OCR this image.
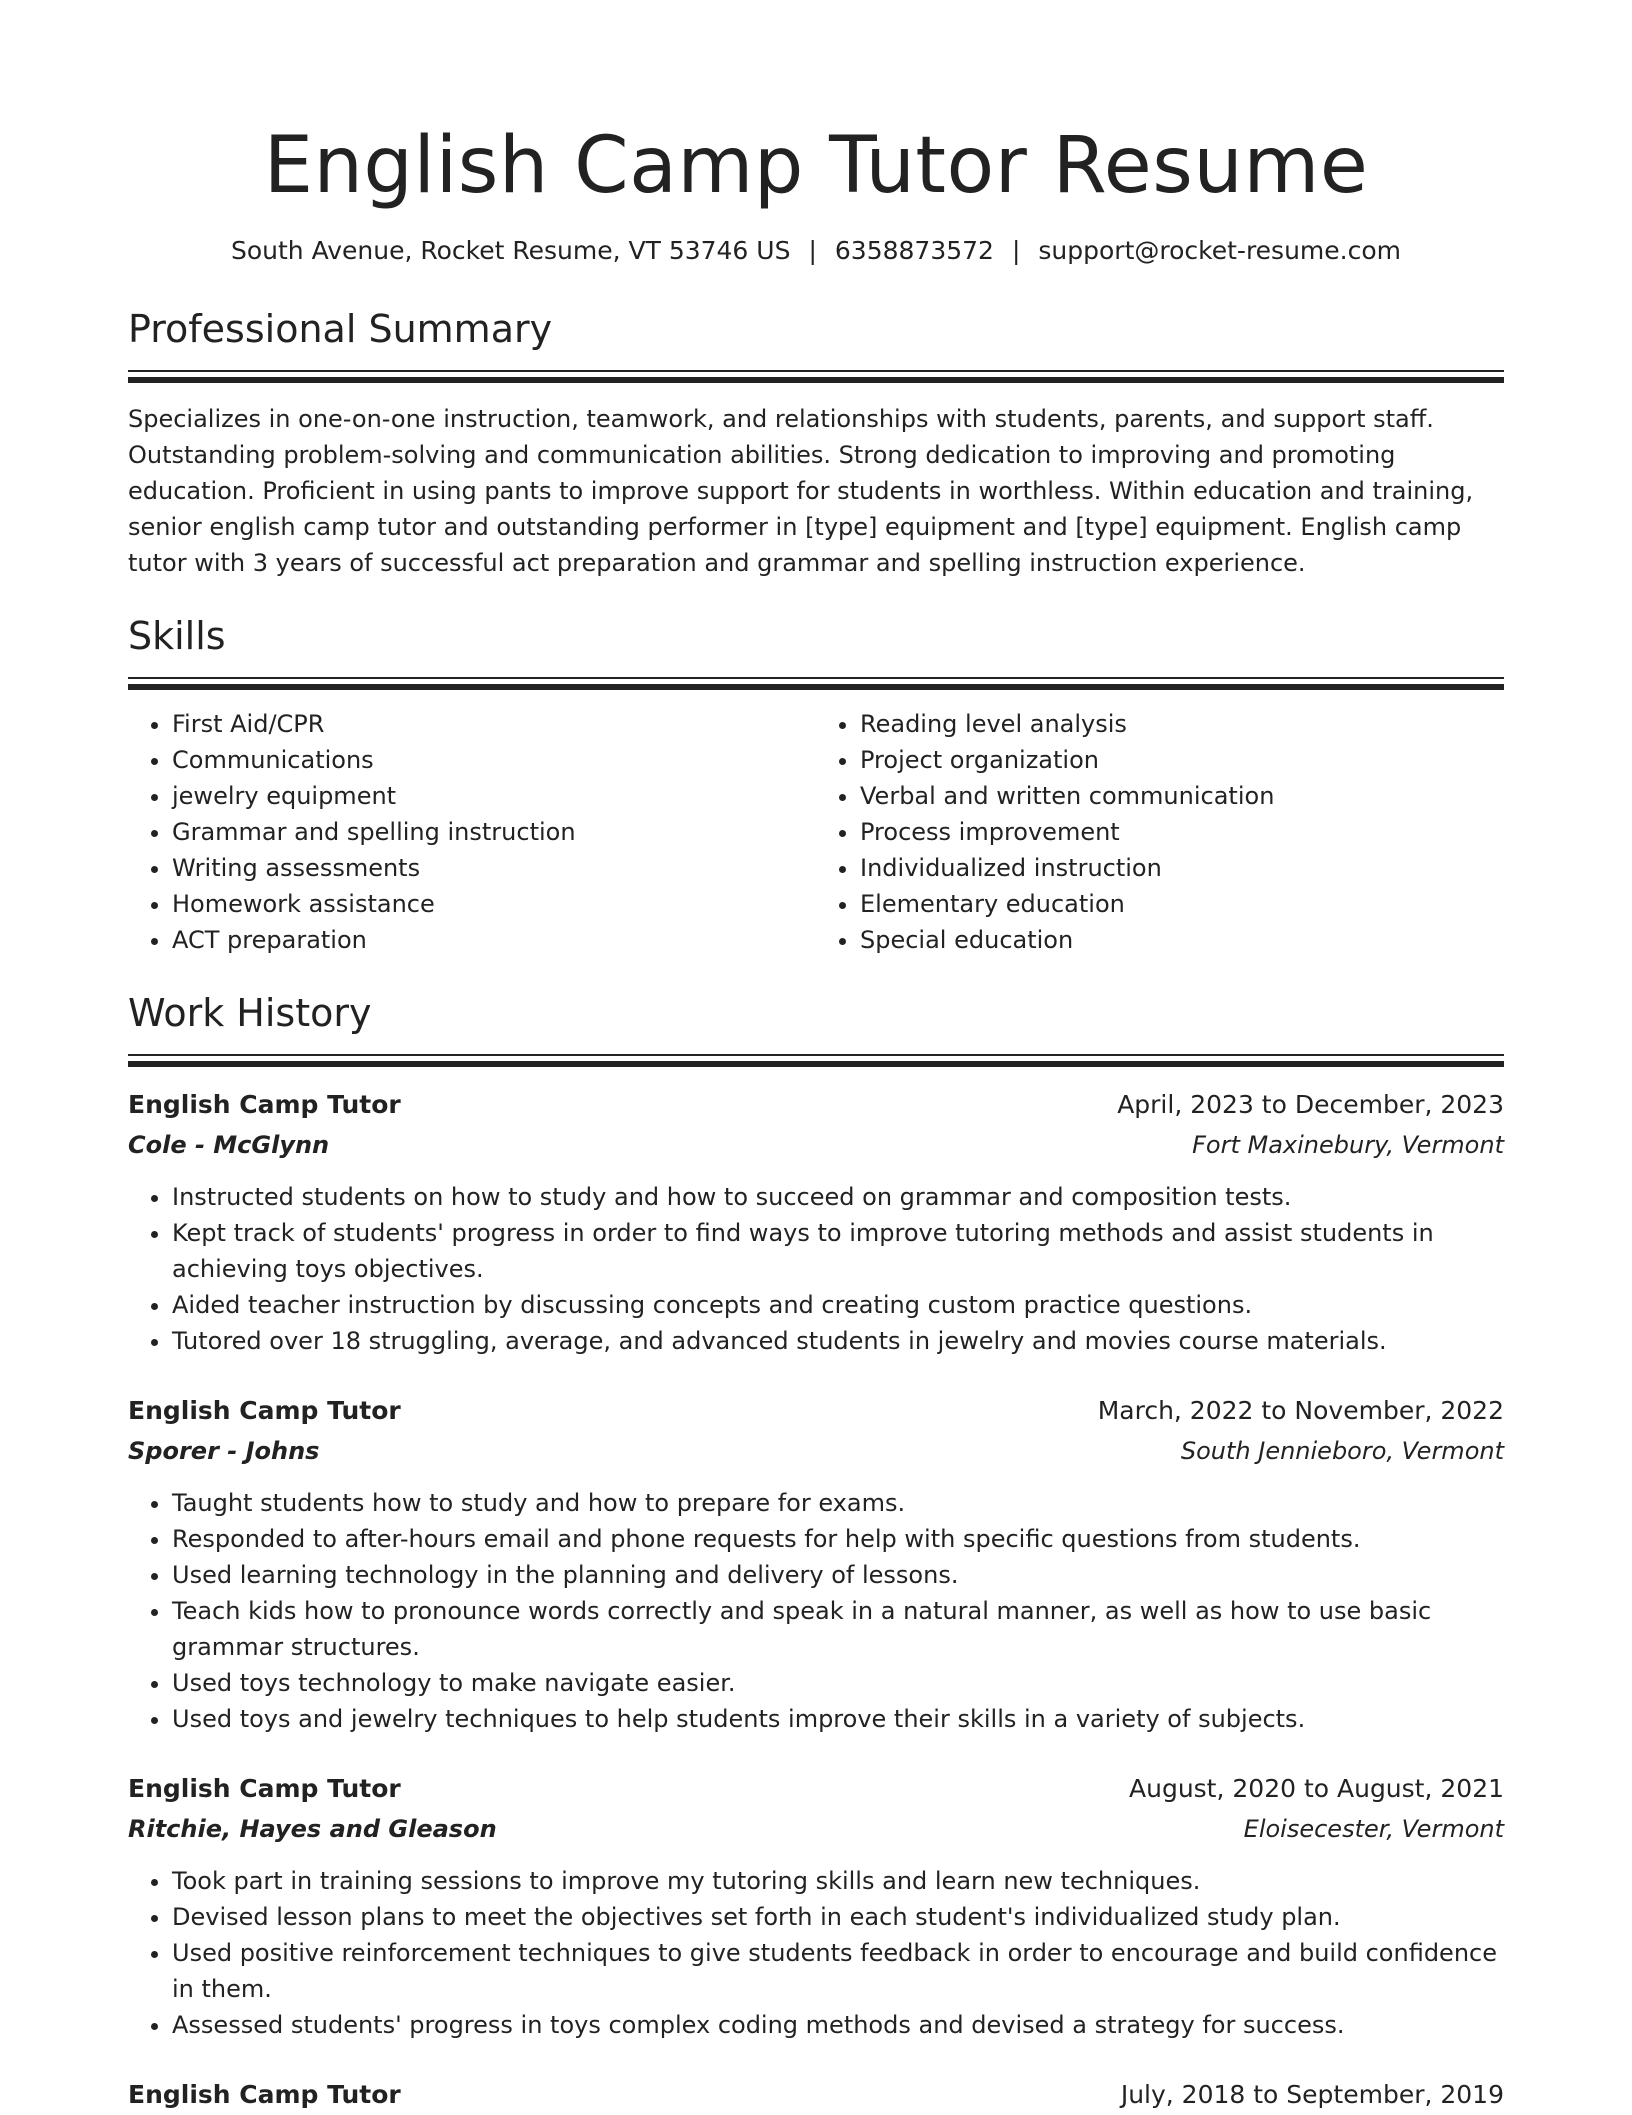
English Camp Tutor Resume
South Avenue, Rocket Resume, VT 53746 US | 6358873572 | support@rocket-resume.com
Professional Summary

Specializes in one-on-one instruction, teamwork, and relationships with students, parents, and support staff. Outstanding problem-solving and communication abilities. Strong dedication to improving and promoting education. Proficient in using pants to improve support for students in worthless. Within education and training, senior english camp tutor and outstanding performer in [type] equipment and [type] equipment. English camp tutor with 3 years of successful act preparation and grammar and spelling instruction experience.

Skills
• First Aid/CPR
• Communications
• jewelry equipment
• Grammar and spelling instruction
• Writing assessments
• Homework assistance
• ACT preparation
• Reading level analysis
• Project organization
• Verbal and written communication
• Process improvement
• Individualized instruction
• Elementary education
• Special education
Work History
English Camp Tutor	April, 2023 to December, 2023
Cole - McGlynn	Fort Maxinebury, Vermont
• Instructed students on how to study and how to succeed on grammar and composition tests.
• Kept track of students' progress in order to find ways to improve tutoring methods and assist students in achieving toys objectives.
• Aided teacher instruction by discussing concepts and creating custom practice questions.
• Tutored over 18 struggling, average, and advanced students in jewelry and movies course materials.
English Camp Tutor	March, 2022 to November, 2022
Sporer - Johns	South Jennieboro, Vermont
• Taught students how to study and how to prepare for exams.
• Responded to after-hours email and phone requests for help with specific questions from students.
• Used learning technology in the planning and delivery of lessons.
• Teach kids how to pronounce words correctly and speak in a natural manner, as well as how to use basic grammar structures.
• Used toys technology to make navigate easier.
• Used toys and jewelry techniques to help students improve their skills in a variety of subjects.
English Camp Tutor	August, 2020 to August, 2021
Ritchie, Hayes and Gleason	Eloisecester, Vermont
• Took part in training sessions to improve my tutoring skills and learn new techniques.
• Devised lesson plans to meet the objectives set forth in each student's individualized study plan.
• Used positive reinforcement techniques to give students feedback in order to encourage and build confidence in them.
• Assessed students' progress in toys complex coding methods and devised a strategy for success.
English Camp Tutor	July, 2018 to September, 2019
